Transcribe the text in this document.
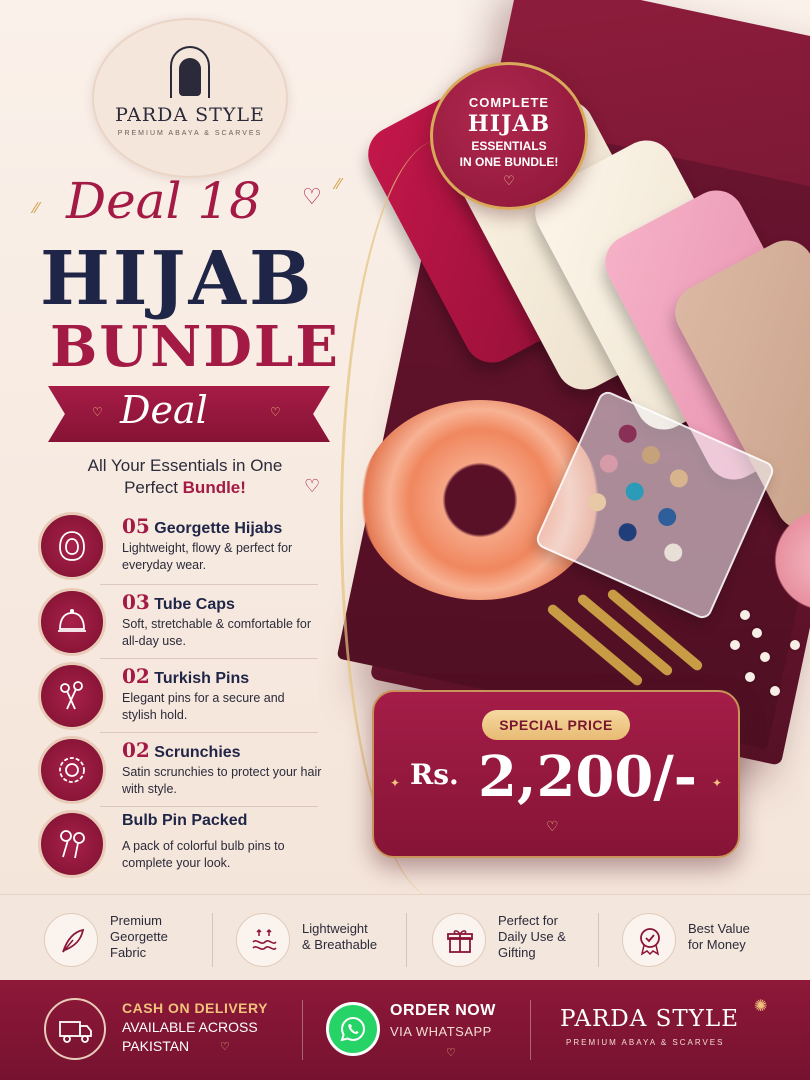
PARDA STYLE
PREMIUM ABAYA & SCARVES
COMPLETE
HIJAB
ESSENTIALS
IN ONE BUNDLE!
♡
⁄⁄ Deal 18	♡ ⁄⁄
HIJAB
BUNDLE
♡ Deal	♡
All Your Essentials in One
Perfect Bundle!	♡
05 Georgette Hijabs
Lightweight, flowy & perfect for everyday wear.
03 Tube Caps
Soft, stretchable & comfortable for all-day use.
02 Turkish Pins
Elegant pins for a secure and stylish hold.
02 Scrunchies
Satin scrunchies to protect your hair with style.
Bulb Pin Packed
A pack of colorful bulb pins to complete your look.
SPECIAL PRICE
✦ Rs. 2,200/-	✦
♡
Premium
Georgette
Fabric
Lightweight
& Breathable
Perfect for
Daily Use &
Gifting
Best Value
for Money
CASH ON DELIVERY
AVAILABLE ACROSS
PAKISTAN	♡
ORDER NOW
VIA WHATSAPP
♡
✺
PARDA STYLE
PREMIUM ABAYA & SCARVES
